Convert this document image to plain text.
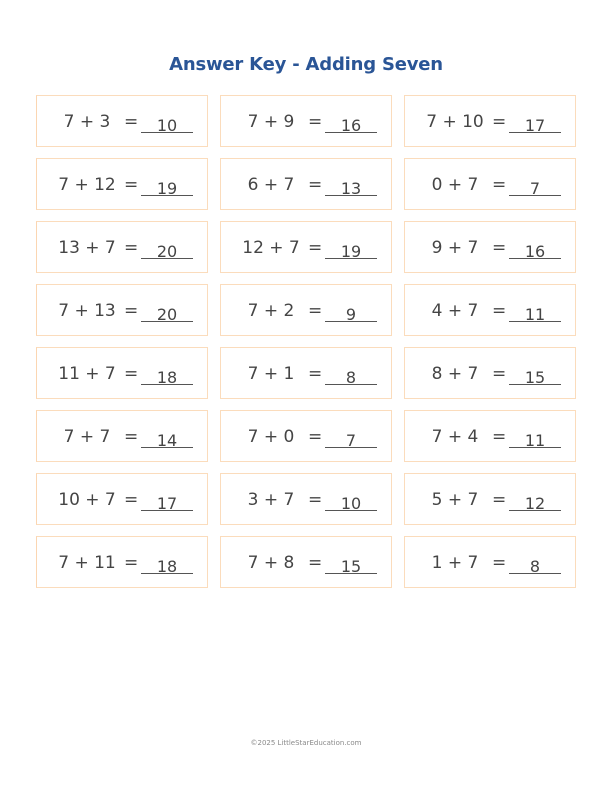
Answer Key - Adding Seven
7 + 3 =	10	7 + 9 =	16	7 + 10 =	17
7 + 12 =	19	6 + 7 =	13	0 + 7 =	7
13 + 7 =	20	12 + 7 =	19	9 + 7 =	16
7 + 13 =	20	7 + 2 =	9	4 + 7 =	11
11 + 7 =	18	7 + 1 =	8	8 + 7 =	15
7 + 7 =	14	7 + 0 =	7	7 + 4 =	11
10 + 7 =	17	3 + 7 =	10	5 + 7 =	12
7 + 11 =	18	7 + 8 =	15	1 + 7 =	8
©2025 LittleStarEducation.com
